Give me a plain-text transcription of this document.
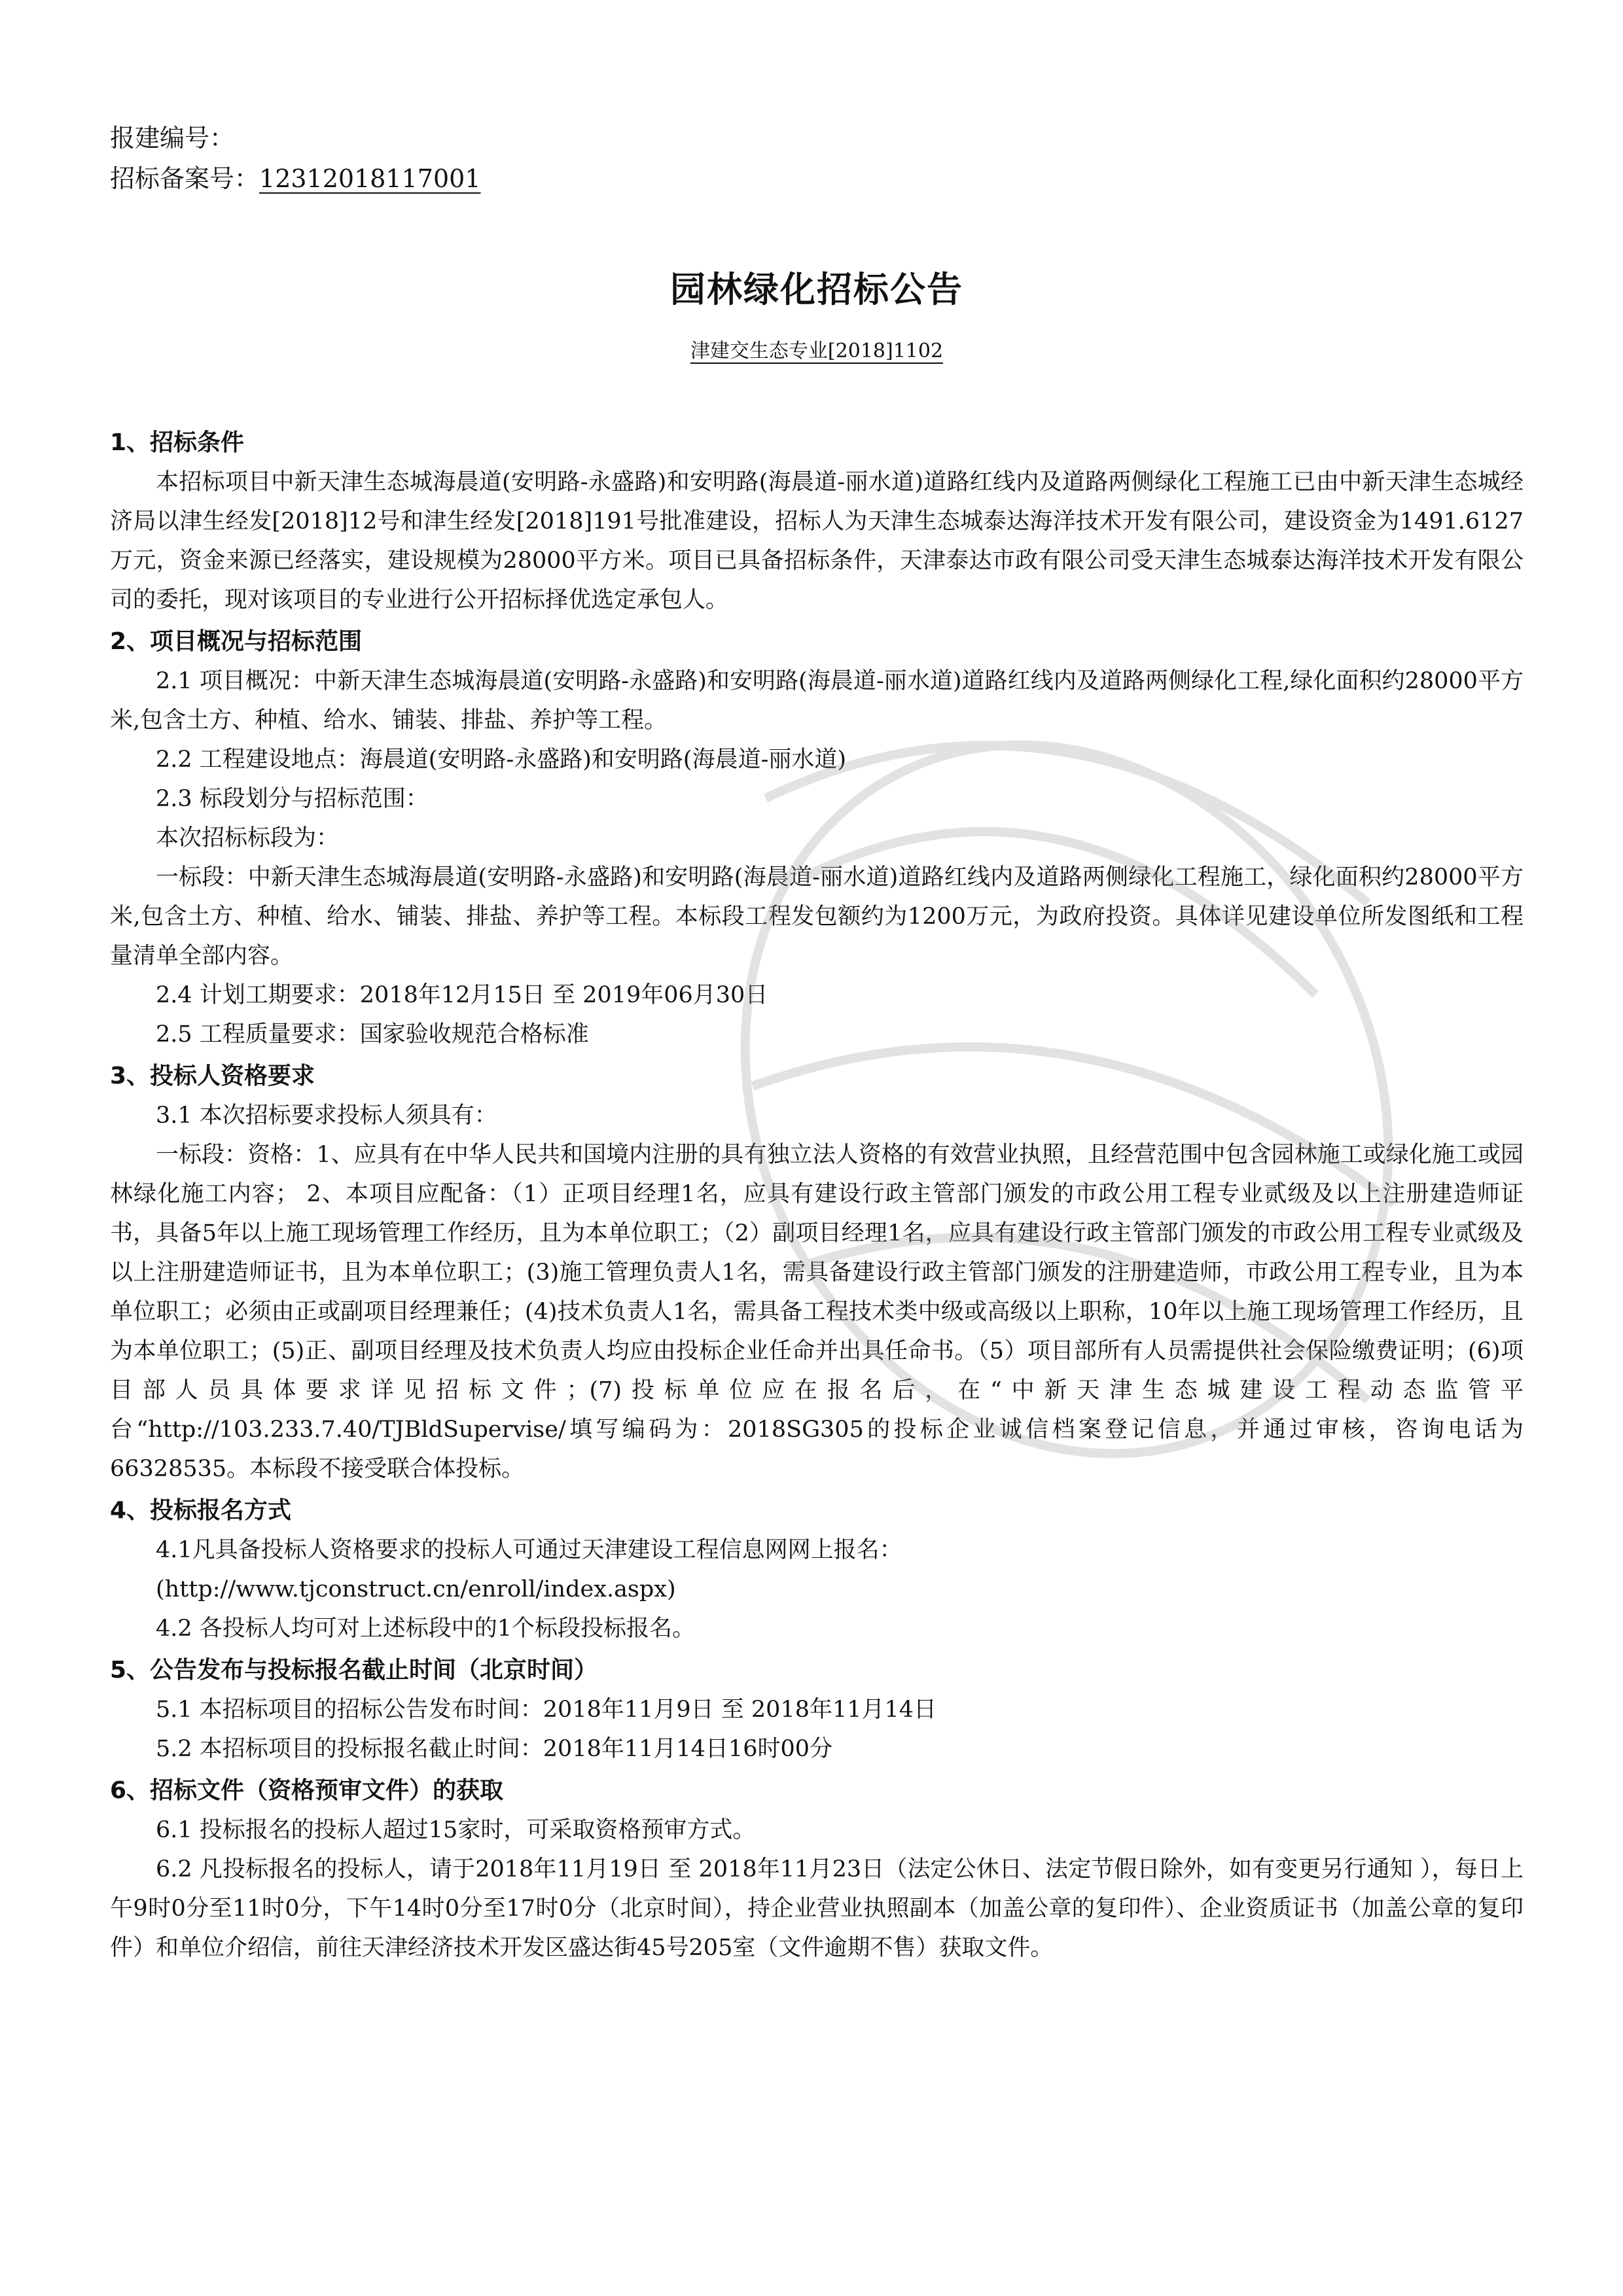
报建编号：
招标备案号：12312018117001
园林绿化招标公告
津建交生态专业[2018]1102
1、招标条件

本招标项目中新天津生态城海晨道(安明路-永盛路)和安明路(海晨道-丽水道)道路红线内及道路两侧绿化工程施工已由中新天津生态城经济局以津生经发[2018]12号和津生经发[2018]191号批准建设，招标人为天津生态城泰达海洋技术开发有限公司，建设资金为1491.6127万元，资金来源已经落实，建设规模为28000平方米。项目已具备招标条件，天津泰达市政有限公司受天津生态城泰达海洋技术开发有限公司的委托，现对该项目的专业进行公开招标择优选定承包人。

2、项目概况与招标范围

2.1 项目概况：中新天津生态城海晨道(安明路-永盛路)和安明路(海晨道-丽水道)道路红线内及道路两侧绿化工程,绿化面积约28000平方米,包含土方、种植、给水、铺装、排盐、养护等工程。

2.2 工程建设地点：海晨道(安明路-永盛路)和安明路(海晨道-丽水道)

2.3 标段划分与招标范围：

本次招标标段为：

一标段：中新天津生态城海晨道(安明路-永盛路)和安明路(海晨道-丽水道)道路红线内及道路两侧绿化工程施工，绿化面积约28000平方米,包含土方、种植、给水、铺装、排盐、养护等工程。本标段工程发包额约为1200万元，为政府投资。具体详见建设单位所发图纸和工程量清单全部内容。

2.4 计划工期要求：2018年12月15日 至 2019年06月30日

2.5 工程质量要求：国家验收规范合格标准

3、投标人资格要求

3.1 本次招标要求投标人须具有：

一标段：资格：1、应具有在中华人民共和国境内注册的具有独立法人资格的有效营业执照，且经营范围中包含园林施工或绿化施工或园林绿化施工内容； 2、本项目应配备：（1）正项目经理1名，应具有建设行政主管部门颁发的市政公用工程专业贰级及以上注册建造师证书，具备5年以上施工现场管理工作经历，且为本单位职工；（2）副项目经理1名，应具有建设行政主管部门颁发的市政公用工程专业贰级及以上注册建造师证书，且为本单位职工；(3)施工管理负责人1名，需具备建设行政主管部门颁发的注册建造师，市政公用工程专业，且为本单位职工；必须由正或副项目经理兼任；(4)技术负责人1名，需具备工程技术类中级或高级以上职称，10年以上施工现场管理工作经历，且为本单位职工；(5)正、副项目经理及技术负责人均应由投标企业任命并出具任命书。（5）项目部所有人员需提供社会保险缴费证明；(6)项目部人员具体要求详见招标文件；(7)投标单位应在报名后，在“中新天津生态城建设工程动态监管平台“http://103.233.7.40/TJBldSupervise/填写编码为：2018SG305的投标企业诚信档案登记信息，并通过审核，咨询电话为66328535。本标段不接受联合体投标。

4、投标报名方式

4.1凡具备投标人资格要求的投标人可通过天津建设工程信息网网上报名：

(http://www.tjconstruct.cn/enroll/index.aspx)

4.2 各投标人均可对上述标段中的1个标段投标报名。

5、公告发布与投标报名截止时间（北京时间）

5.1 本招标项目的招标公告发布时间：2018年11月9日 至 2018年11月14日

5.2 本招标项目的投标报名截止时间：2018年11月14日16时00分

6、招标文件（资格预审文件）的获取

6.1 投标报名的投标人超过15家时，可采取资格预审方式。

6.2 凡投标报名的投标人，请于2018年11月19日 至 2018年11月23日（法定公休日、法定节假日除外，如有变更另行通知 ），每日上午9时0分至11时0分，下午14时0分至17时0分（北京时间），持企业营业执照副本（加盖公章的复印件）、企业资质证书（加盖公章的复印件）和单位介绍信，前往天津经济技术开发区盛达街45号205室（文件逾期不售）获取文件。
